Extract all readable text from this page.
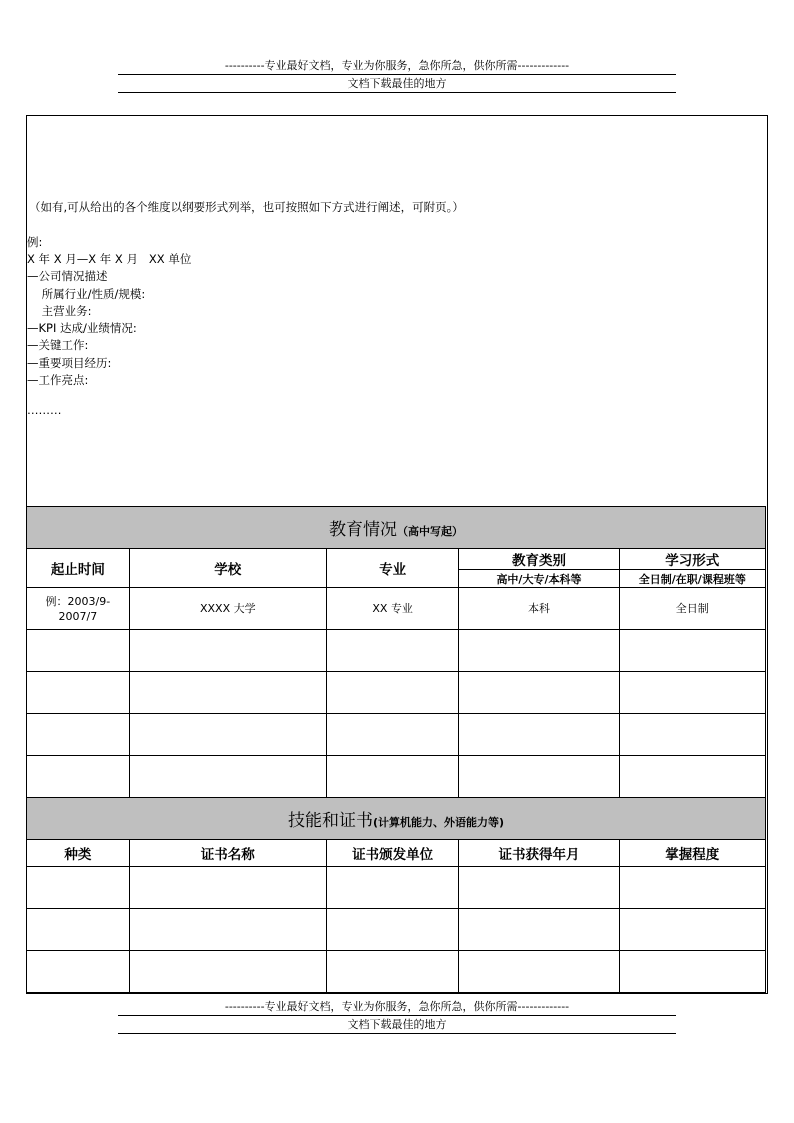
----------专业最好文档，专业为你服务，急你所急，供你所需-------------
文档下载最佳的地方
（如有,可从给出的各个维度以纲要形式列举，也可按照如下方式进行阐述，可附页。）
例:
X 年 X 月—X 年 X 月   XX 单位
—公司情况描述
所属行业/性质/规模:
主营业务:
—KPI 达成/业绩情况:
—关键工作:
—重要项目经历:
—工作亮点:
………
教育情况（高中写起）				
起止时间	学校	专业	教育类别	学习形式
			高中/大专/本科等	全日制/在职/课程班等
例：2003/9-
2007/7	XXXX 大学	XX 专业	本科	全日制

技能和证书(计算机能力、外语能力等)				
种类	证书名称	证书颁发单位	证书获得年月	掌握程度

----------专业最好文档，专业为你服务，急你所急，供你所需-------------
文档下载最佳的地方
